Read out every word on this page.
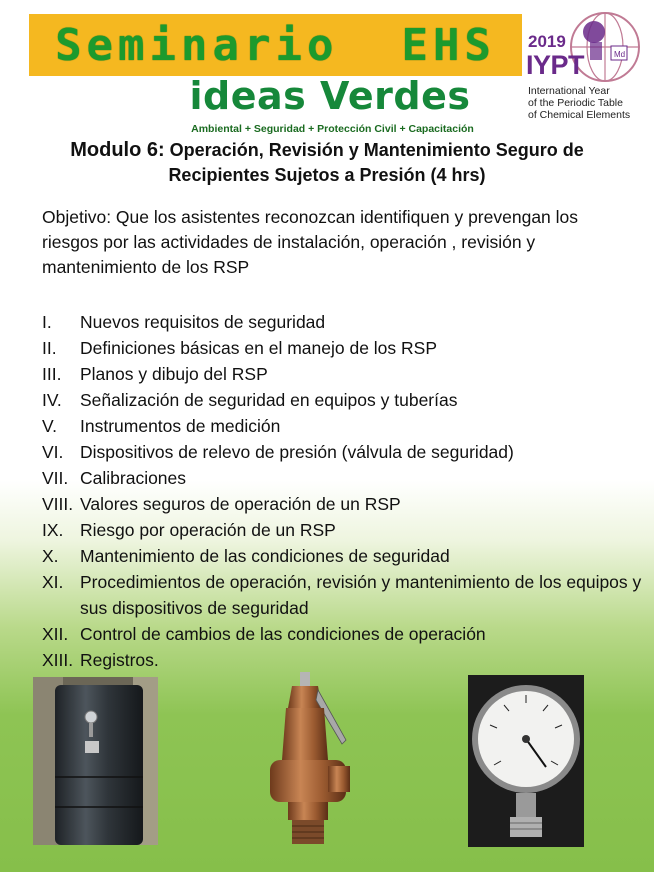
Seminario  EHS
ideas Verdes
Ambiental + Seguridad + Protección Civil + Capacitación
Md
2019
IYPT
International Year
of the Periodic Table
of Chemical Elements
Modulo 6: Operación, Revisión y Mantenimiento Seguro de
Recipientes Sujetos a Presión (4 hrs)
Objetivo: Que los asistentes reconozcan identifiquen y prevengan los riesgos por las actividades de instalación, operación , revisión y mantenimiento de los RSP
I.	Nuevos requisitos de seguridad
II.	Definiciones básicas en el manejo de los RSP
III.	Planos y dibujo del RSP
IV.	Señalización de seguridad en equipos y tuberías
V.	Instrumentos de medición
VI. Dispositivos de relevo de presión (válvula de seguridad)
VII. Calibraciones
VIII. Valores seguros de operación de un RSP
IX. Riesgo por operación de un RSP
X.	Mantenimiento de las condiciones de seguridad
XI. Procedimientos de operación, revisión y mantenimiento de los equipos y sus dispositivos de seguridad
XII. Control de cambios de las condiciones de operación
XIII. Registros.
